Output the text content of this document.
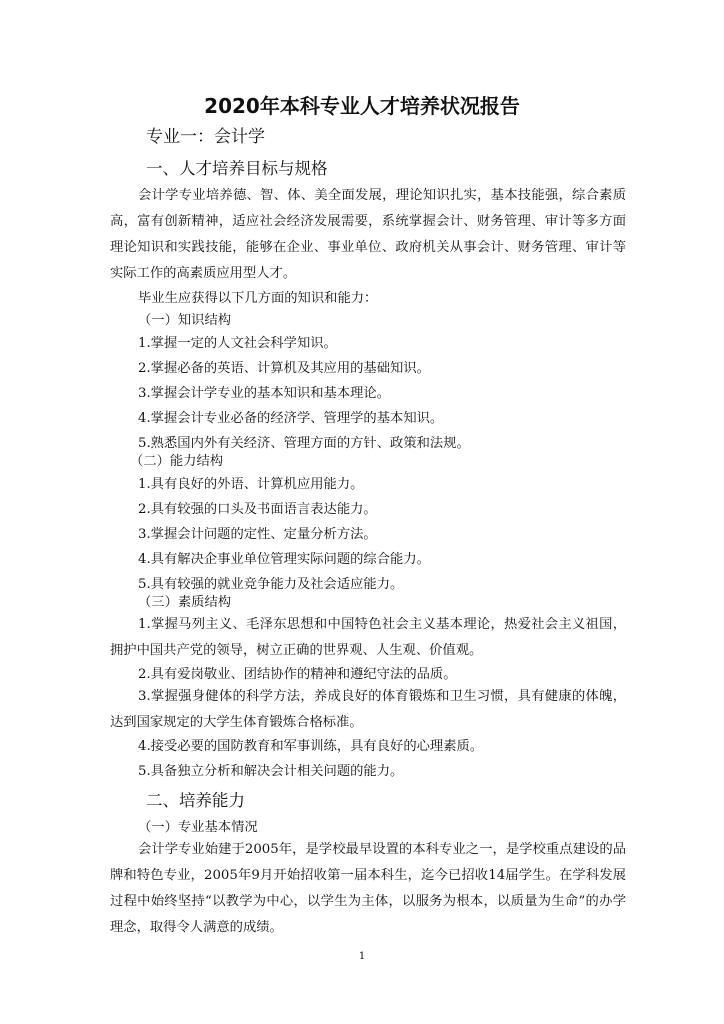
2020年本科专业人才培养状况报告
专业一：会计学
一、人才培养目标与规格
会计学专业培养德、智、体、美全面发展，理论知识扎实，基本技能强，综合素质高，富有创新精神，适应社会经济发展需要，系统掌握会计、财务管理、审计等多方面理论知识和实践技能，能够在企业、事业单位、政府机关从事会计、财务管理、审计等实际工作的高素质应用型人才。
毕业生应获得以下几方面的知识和能力：
（一）知识结构
1.掌握一定的人文社会科学知识。
2.掌握必备的英语、计算机及其应用的基础知识。
3.掌握会计学专业的基本知识和基本理论。
4.掌握会计专业必备的经济学、管理学的基本知识。
5.熟悉国内外有关经济、管理方面的方针、政策和法规。
（二）能力结构
1.具有良好的外语、计算机应用能力。
2.具有较强的口头及书面语言表达能力。
3.掌握会计问题的定性、定量分析方法。
4.具有解决企事业单位管理实际问题的综合能力。
5.具有较强的就业竞争能力及社会适应能力。
（三）素质结构
1.掌握马列主义、毛泽东思想和中国特色社会主义基本理论，热爱社会主义祖国，拥护中国共产党的领导，树立正确的世界观、人生观、价值观。
2.具有爱岗敬业、团结协作的精神和遵纪守法的品质。
3.掌握强身健体的科学方法，养成良好的体育锻炼和卫生习惯，具有健康的体魄，达到国家规定的大学生体育锻炼合格标准。
4.接受必要的国防教育和军事训练，具有良好的心理素质。
5.具备独立分析和解决会计相关问题的能力。
二、培养能力
（一）专业基本情况
会计学专业始建于2005年，是学校最早设置的本科专业之一，是学校重点建设的品牌和特色专业，2005年9月开始招收第一届本科生，迄今已招收14届学生。在学科发展过程中始终坚持“以教学为中心，以学生为主体，以服务为根本，以质量为生命”的办学理念，取得令人满意的成绩。
1
